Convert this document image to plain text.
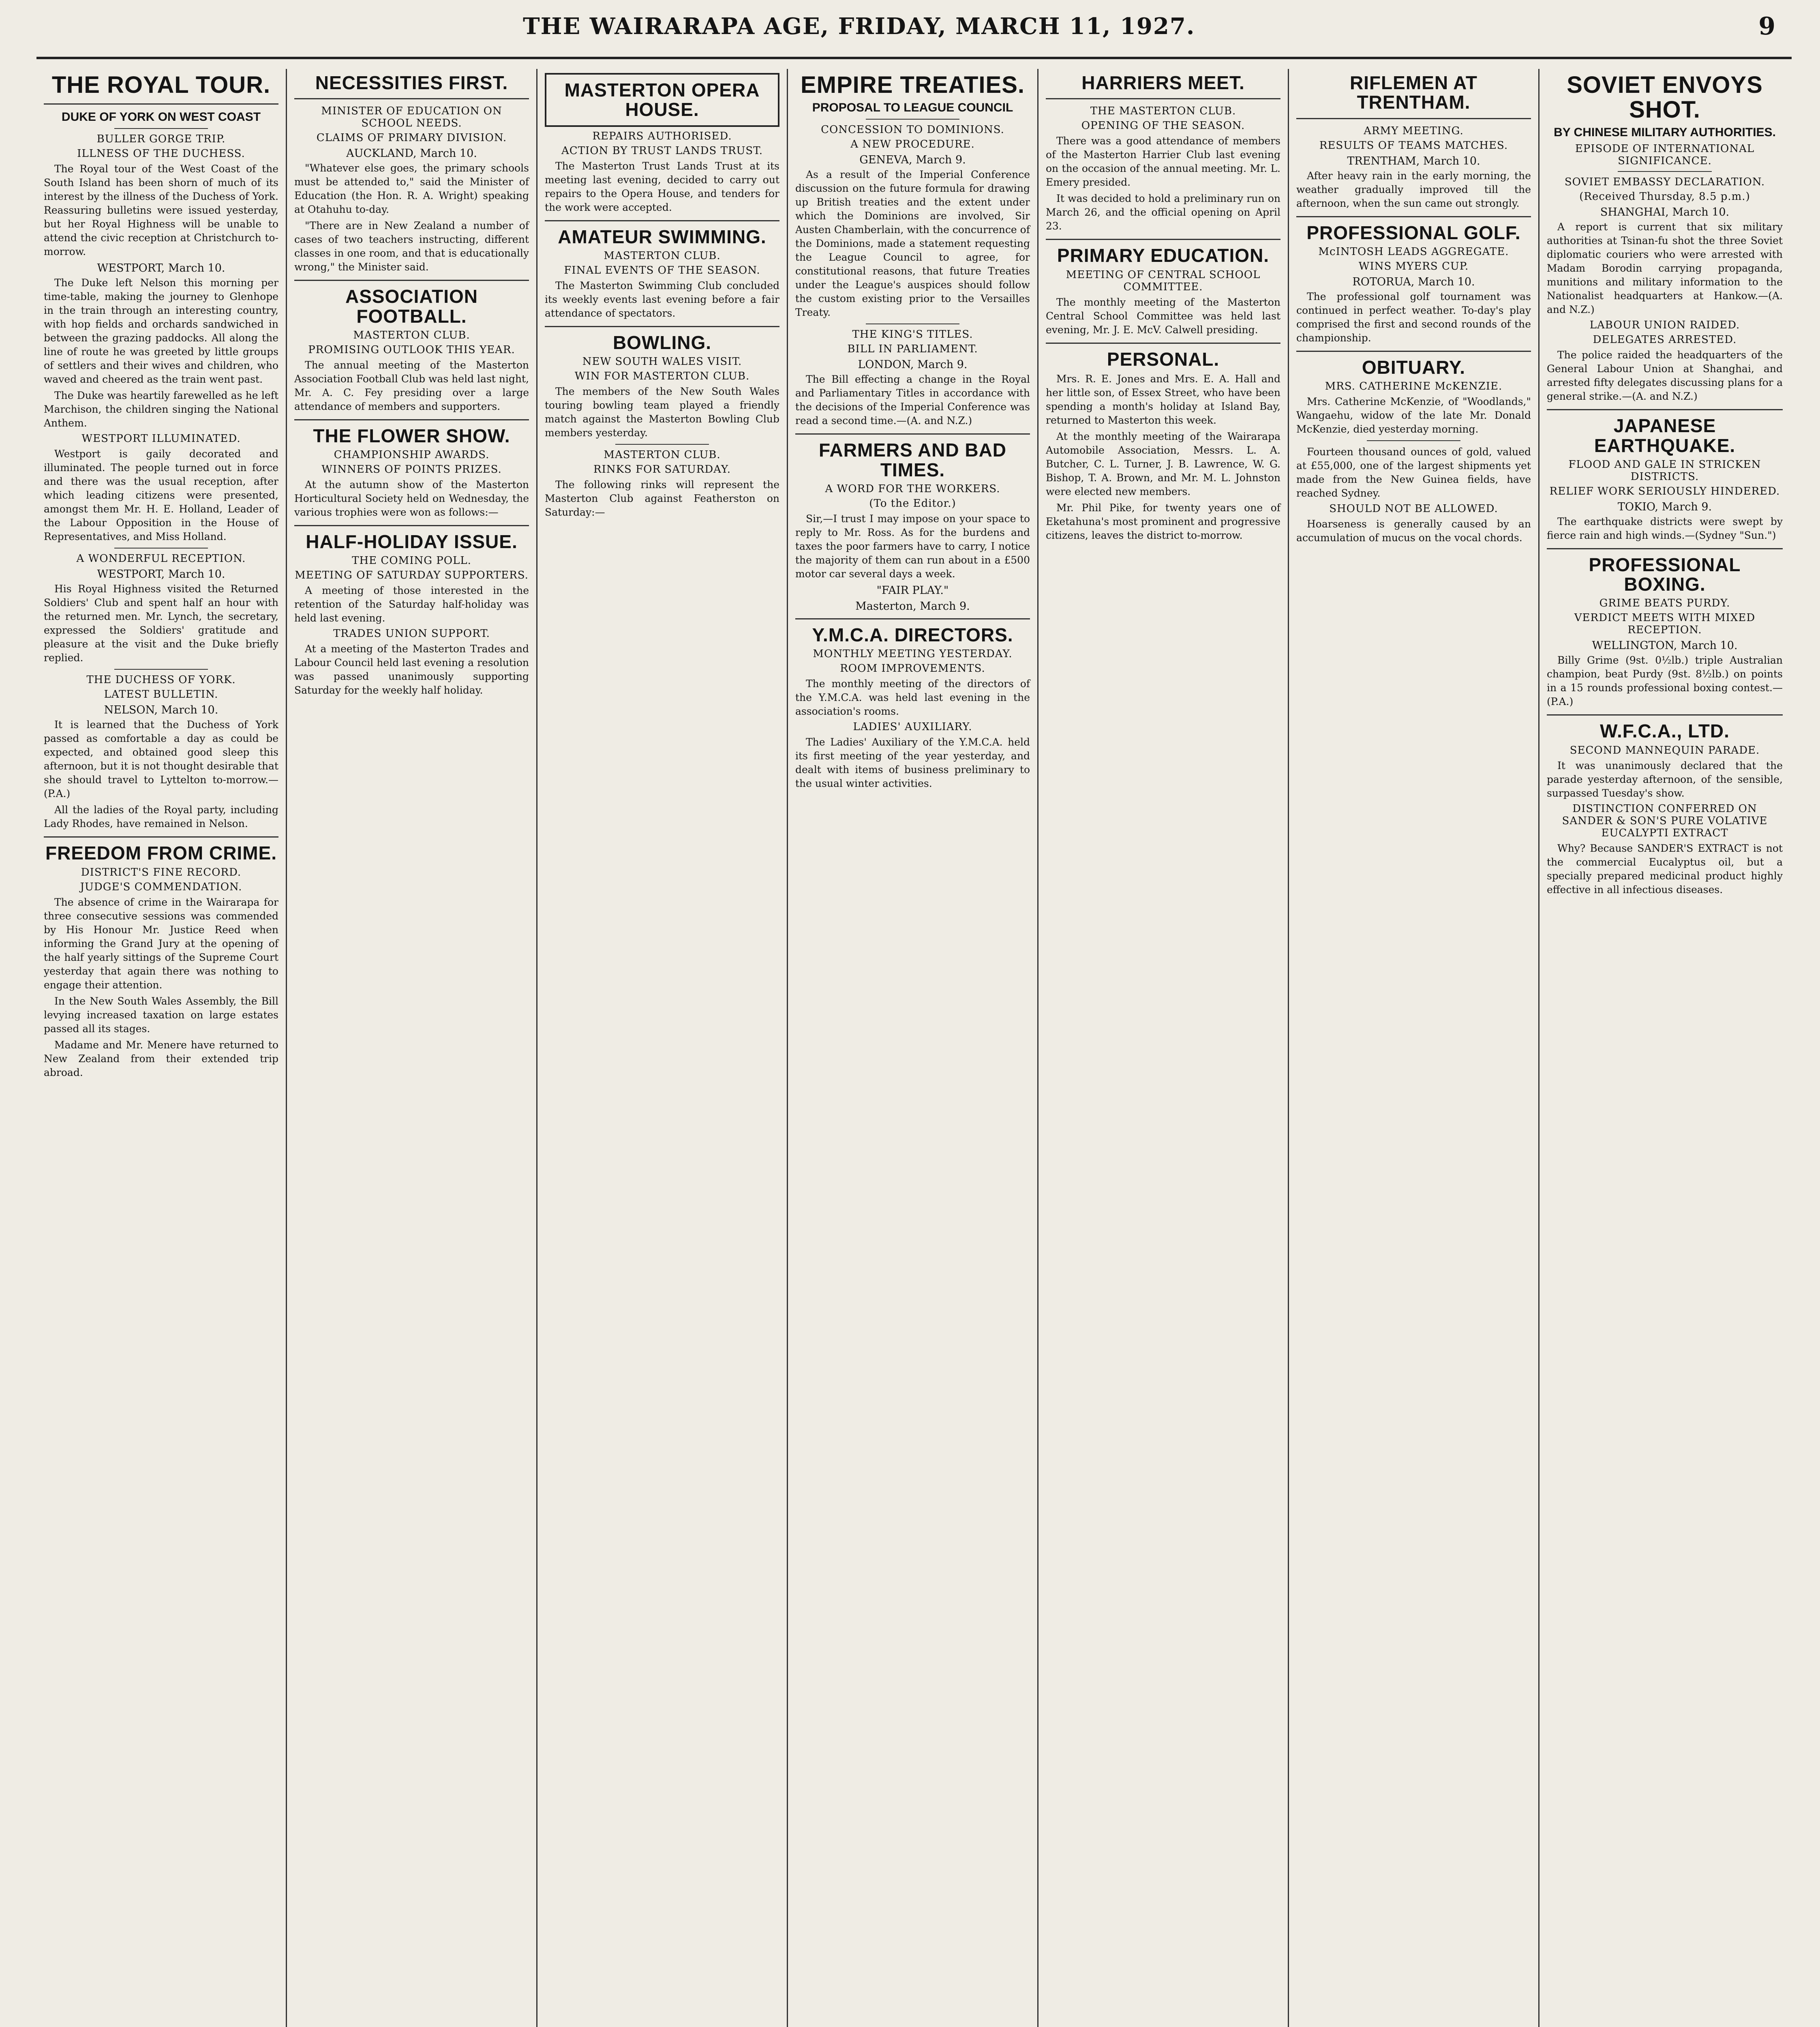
THE WAIRARAPA AGE, FRIDAY, MARCH 11, 1927.	9
THE ROYAL TOUR.
DUKE OF YORK ON WEST COAST
BULLER GORGE TRIP.
ILLNESS OF THE DUCHESS.

The Royal tour of the West Coast of the South Island has been shorn of much of its interest by the illness of the Duchess of York. Reassuring bulletins were issued yesterday, but her Royal Highness will be unable to attend the civic reception at Christchurch to-morrow.

WESTPORT, March 10.

The Duke left Nelson this morning per time-table, making the journey to Glenhope in the train through an interesting country, with hop fields and orchards sandwiched in between the grazing paddocks. All along the line of route he was greeted by little groups of settlers and their wives and children, who waved and cheered as the train went past.

The Duke was heartily farewelled as he left Marchison, the children singing the National Anthem.

WESTPORT ILLUMINATED.

Westport is gaily decorated and illuminated. The people turned out in force and there was the usual reception, after which leading citizens were presented, amongst them Mr. H. E. Holland, Leader of the Labour Opposition in the House of Representatives, and Miss Holland.

A WONDERFUL RECEPTION.
WESTPORT, March 10.

His Royal Highness visited the Returned Soldiers' Club and spent half an hour with the returned men. Mr. Lynch, the secretary, expressed the Soldiers' gratitude and pleasure at the visit and the Duke briefly replied.

THE DUCHESS OF YORK.
LATEST BULLETIN.
NELSON, March 10.

It is learned that the Duchess of York passed as comfortable a day as could be expected, and obtained good sleep this afternoon, but it is not thought desirable that she should travel to Lyttelton to-morrow.—(P.A.)

All the ladies of the Royal party, including Lady Rhodes, have remained in Nelson.

FREEDOM FROM CRIME.
DISTRICT'S FINE RECORD.
JUDGE'S COMMENDATION.

The absence of crime in the Wairarapa for three consecutive sessions was commended by His Honour Mr. Justice Reed when informing the Grand Jury at the opening of the half yearly sittings of the Supreme Court yesterday that again there was nothing to engage their attention.

In the New South Wales Assembly, the Bill levying increased taxation on large estates passed all its stages.

Madame and Mr. Menere have returned to New Zealand from their extended trip abroad.

NECESSITIES FIRST.
MINISTER OF EDUCATION ON SCHOOL NEEDS.
CLAIMS OF PRIMARY DIVISION.
AUCKLAND, March 10.

"Whatever else goes, the primary schools must be attended to," said the Minister of Education (the Hon. R. A. Wright) speaking at Otahuhu to-day.

"There are in New Zealand a number of cases of two teachers instructing, different classes in one room, and that is educationally wrong," the Minister said.

ASSOCIATION FOOTBALL.
MASTERTON CLUB.
PROMISING OUTLOOK THIS YEAR.

The annual meeting of the Masterton Association Football Club was held last night, Mr. A. C. Fey presiding over a large attendance of members and supporters.

THE FLOWER SHOW.
CHAMPIONSHIP AWARDS.
WINNERS OF POINTS PRIZES.

At the autumn show of the Masterton Horticultural Society held on Wednesday, the various trophies were won as follows:—

HALF-HOLIDAY ISSUE.
THE COMING POLL.
MEETING OF SATURDAY SUPPORTERS.

A meeting of those interested in the retention of the Saturday half-holiday was held last evening.

TRADES UNION SUPPORT.

At a meeting of the Masterton Trades and Labour Council held last evening a resolution was passed unanimously supporting Saturday for the weekly half holiday.

MASTERTON OPERA HOUSE.
REPAIRS AUTHORISED.
ACTION BY TRUST LANDS TRUST.

The Masterton Trust Lands Trust at its meeting last evening, decided to carry out repairs to the Opera House, and tenders for the work were accepted.

AMATEUR SWIMMING.
MASTERTON CLUB.
FINAL EVENTS OF THE SEASON.

The Masterton Swimming Club concluded its weekly events last evening before a fair attendance of spectators.

BOWLING.
NEW SOUTH WALES VISIT.
WIN FOR MASTERTON CLUB.

The members of the New South Wales touring bowling team played a friendly match against the Masterton Bowling Club members yesterday.

MASTERTON CLUB.
RINKS FOR SATURDAY.

The following rinks will represent the Masterton Club against Featherston on Saturday:—

EMPIRE TREATIES.
PROPOSAL TO LEAGUE COUNCIL
CONCESSION TO DOMINIONS.
A NEW PROCEDURE.
GENEVA, March 9.

As a result of the Imperial Conference discussion on the future formula for drawing up British treaties and the extent under which the Dominions are involved, Sir Austen Chamberlain, with the concurrence of the Dominions, made a statement requesting the League Council to agree, for constitutional reasons, that future Treaties under the League's auspices should follow the custom existing prior to the Versailles Treaty.

THE KING'S TITLES.
BILL IN PARLIAMENT.
LONDON, March 9.

The Bill effecting a change in the Royal and Parliamentary Titles in accordance with the decisions of the Imperial Conference was read a second time.—(A. and N.Z.)

FARMERS AND BAD TIMES.
A WORD FOR THE WORKERS.
(To the Editor.)

Sir,—I trust I may impose on your space to reply to Mr. Ross. As for the burdens and taxes the poor farmers have to carry, I notice the majority of them can run about in a £500 motor car several days a week.

"FAIR PLAY."
Masterton, March 9.
Y.M.C.A. DIRECTORS.
MONTHLY MEETING YESTERDAY.
ROOM IMPROVEMENTS.

The monthly meeting of the directors of the Y.M.C.A. was held last evening in the association's rooms.

LADIES' AUXILIARY.

The Ladies' Auxiliary of the Y.M.C.A. held its first meeting of the year yesterday, and dealt with items of business preliminary to the usual winter activities.

HARRIERS MEET.
THE MASTERTON CLUB.
OPENING OF THE SEASON.

There was a good attendance of members of the Masterton Harrier Club last evening on the occasion of the annual meeting. Mr. L. Emery presided.

It was decided to hold a preliminary run on March 26, and the official opening on April 23.

PRIMARY EDUCATION.
MEETING OF CENTRAL SCHOOL COMMITTEE.

The monthly meeting of the Masterton Central School Committee was held last evening, Mr. J. E. McV. Calwell presiding.

PERSONAL.

Mrs. R. E. Jones and Mrs. E. A. Hall and her little son, of Essex Street, who have been spending a month's holiday at Island Bay, returned to Masterton this week.

At the monthly meeting of the Wairarapa Automobile Association, Messrs. L. A. Butcher, C. L. Turner, J. B. Lawrence, W. G. Bishop, T. A. Brown, and Mr. M. L. Johnston were elected new members.

Mr. Phil Pike, for twenty years one of Eketahuna's most prominent and progressive citizens, leaves the district to-morrow.

RIFLEMEN AT TRENTHAM.
ARMY MEETING.
RESULTS OF TEAMS MATCHES.
TRENTHAM, March 10.

After heavy rain in the early morning, the weather gradually improved till the afternoon, when the sun came out strongly.

PROFESSIONAL GOLF.
McINTOSH LEADS AGGREGATE.
WINS MYERS CUP.
ROTORUA, March 10.

The professional golf tournament was continued in perfect weather. To-day's play comprised the first and second rounds of the championship.

OBITUARY.
MRS. CATHERINE McKENZIE.

Mrs. Catherine McKenzie, of "Woodlands," Wangaehu, widow of the late Mr. Donald McKenzie, died yesterday morning.

Fourteen thousand ounces of gold, valued at £55,000, one of the largest shipments yet made from the New Guinea fields, have reached Sydney.

SHOULD NOT BE ALLOWED.

Hoarseness is generally caused by an accumulation of mucus on the vocal chords.

SOVIET ENVOYS SHOT.
BY CHINESE MILITARY AUTHORITIES.
EPISODE OF INTERNATIONAL SIGNIFICANCE.
SOVIET EMBASSY DECLARATION.
(Received Thursday, 8.5 p.m.)
SHANGHAI, March 10.

A report is current that six military authorities at Tsinan-fu shot the three Soviet diplomatic couriers who were arrested with Madam Borodin carrying propaganda, munitions and military information to the Nationalist headquarters at Hankow.—(A. and N.Z.)

LABOUR UNION RAIDED.
DELEGATES ARRESTED.

The police raided the headquarters of the General Labour Union at Shanghai, and arrested fifty delegates discussing plans for a general strike.—(A. and N.Z.)

JAPANESE EARTHQUAKE.
FLOOD AND GALE IN STRICKEN DISTRICTS.
RELIEF WORK SERIOUSLY HINDERED.
TOKIO, March 9.

The earthquake districts were swept by fierce rain and high winds.—(Sydney "Sun.")

PROFESSIONAL BOXING.
GRIME BEATS PURDY.
VERDICT MEETS WITH MIXED RECEPTION.
WELLINGTON, March 10.

Billy Grime (9st. 0½lb.) triple Australian champion, beat Purdy (9st. 8½lb.) on points in a 15 rounds professional boxing contest.—(P.A.)

W.F.C.A., LTD.
SECOND MANNEQUIN PARADE.

It was unanimously declared that the parade yesterday afternoon, of the sensible, surpassed Tuesday's show.

DISTINCTION CONFERRED ON SANDER & SON'S PURE VOLATIVE EUCALYPTI EXTRACT

Why? Because SANDER'S EXTRACT is not the commercial Eucalyptus oil, but a specially prepared medicinal product highly effective in all infectious diseases.
